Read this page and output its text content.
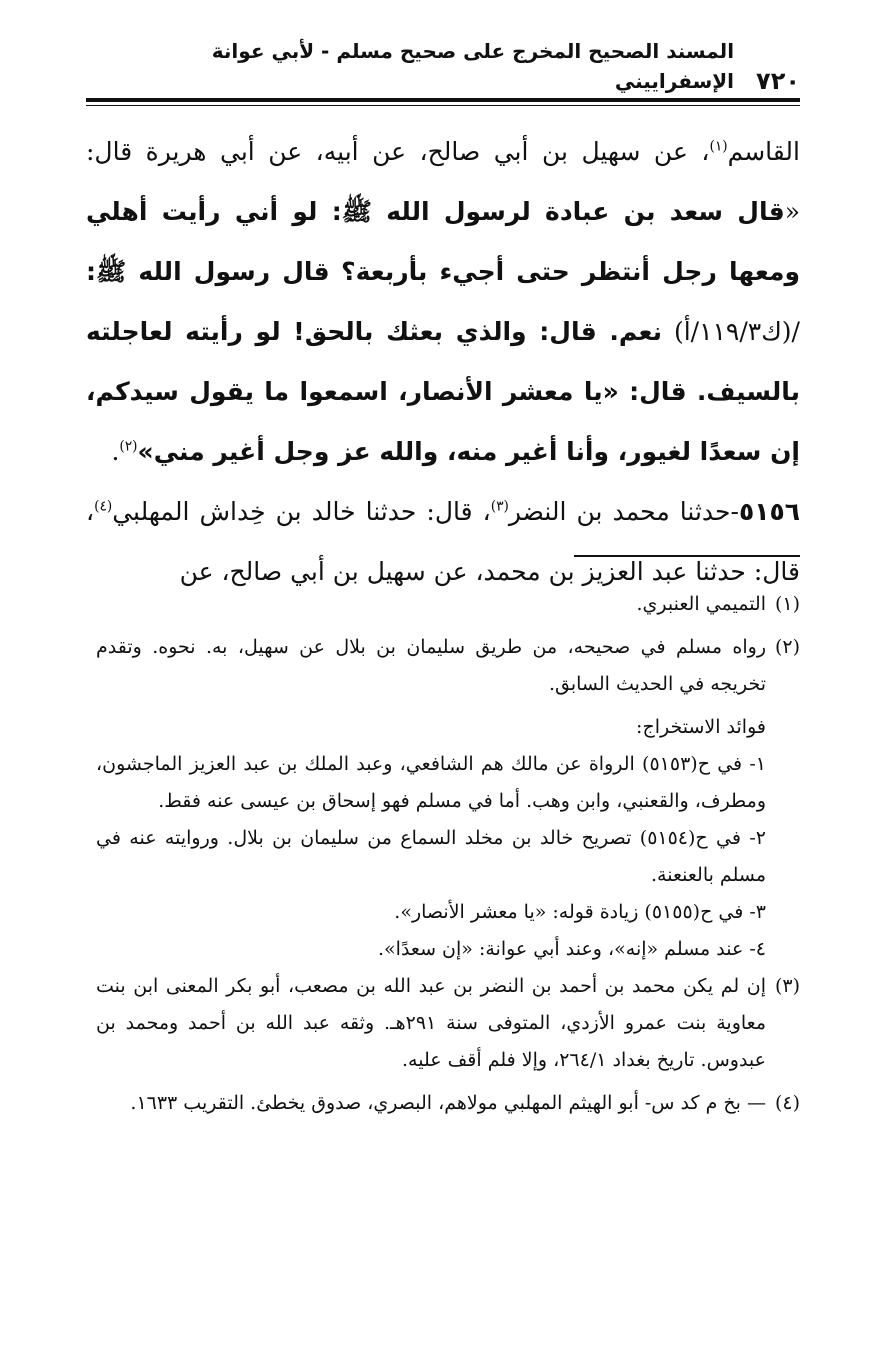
٧٢٠
المسند الصحيح المخرج على صحيح مسلم - لأبي عوانة الإسفراييني

القاسم$^{(١)}$، عن سهيل بن أبي صالح، عن أبيه، عن أبي هريرة قال: «قال سعد بن عبادة لرسول الله ﷺ: لو أني رأيت أهلي ومعها رجل أنتظر حتى أجيء بأربعة؟ قال رسول الله ﷺ: /(ك١١٩/٣/أ) نعم. قال: والذي بعثك بالحق! لو رأيته لعاجلته بالسيف. قال: «يا معشر الأنصار، اسمعوا ما يقول سيدكم، إن سعدًا لغيور، وأنا أغير منه، والله عز وجل أغير مني»$^{(٢)}$.

٥١٥٦-حدثنا محمد بن النضر$^{(٣)}$، قال: حدثنا خالد بن خِداش المهلبي$^{(٤)}$، قال: حدثنا عبد العزيز بن محمد، عن سهيل بن أبي صالح، عن

(١)
التميمي العنبري.
(٢)
رواه مسلم في صحيحه، من طريق سليمان بن بلال عن سهيل، به. نحوه. وتقدم تخريجه في الحديث السابق.

فوائد الاستخراج:

١- في ح(٥١٥٣) الرواة عن مالك هم الشافعي، وعبد الملك بن عبد العزيز الماجشون، ومطرف، والقعنبي، وابن وهب. أما في مسلم فهو إسحاق بن عيسى عنه فقط.

٢- في ح(٥١٥٤) تصريح خالد بن مخلد السماع من سليمان بن بلال. وروايته عنه في مسلم بالعنعنة.

٣- في ح(٥١٥٥) زيادة قوله: «يا معشر الأنصار».

٤- عند مسلم «إنه»، وعند أبي عوانة: «إن سعدًا».

(٣)
إن لم يكن محمد بن أحمد بن النضر بن عبد الله بن مصعب، أبو بكر المعنى ابن بنت معاوية بنت عمرو الأزدي، المتوفى سنة ٢٩١هـ. وثقه عبد الله بن أحمد ومحمد بن عبدوس. تاريخ بغداد ٢٦٤/١، وإلا فلم أقف عليه.
(٤)
— بخ م كد س- أبو الهيثم المهلبي مولاهم، البصري، صدوق يخطئ. التقريب ١٦٣٣.
